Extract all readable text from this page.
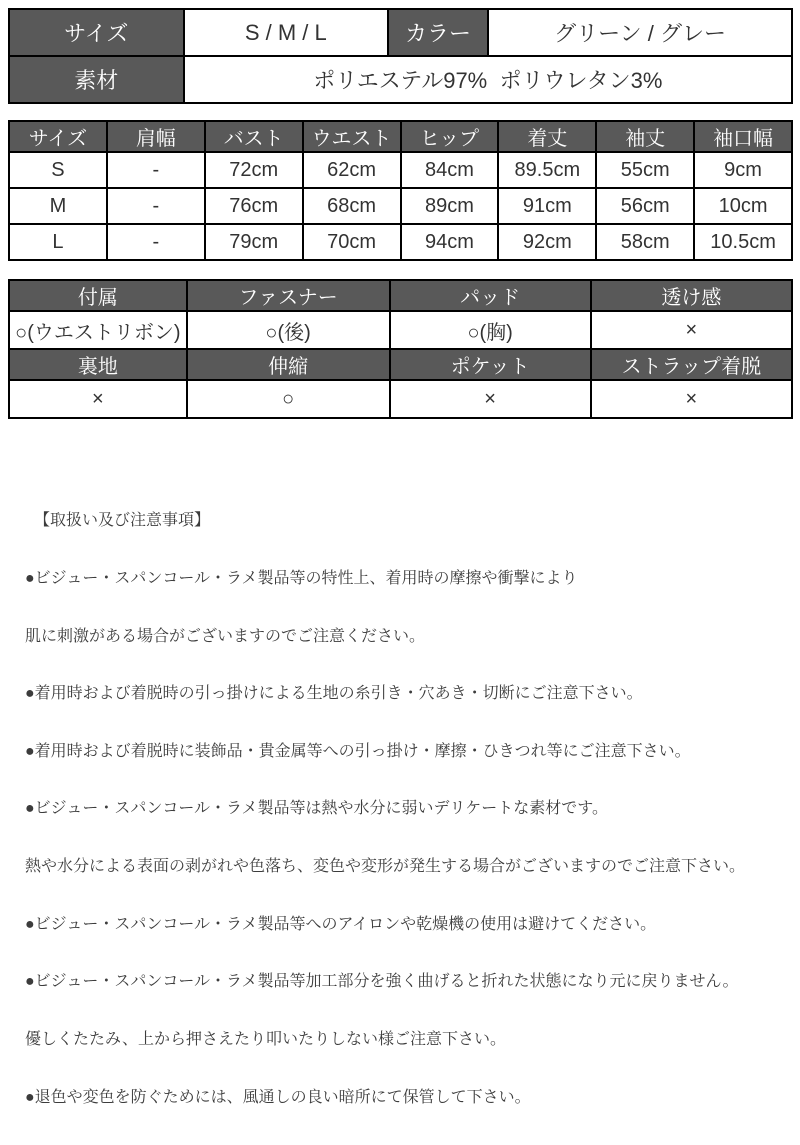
サイズ	S / M / L	カラー	グリーン / グレー
素材	ポリエステル97%  ポリウレタン3%		
サイズ	肩幅	バスト	ウエスト	ヒップ	着丈	袖丈	袖口幅
S	-	72cm	62cm	84cm	89.5cm	55cm	9cm
M	-	76cm	68cm	89cm	91cm	56cm	10cm
L	-	79cm	70cm	94cm	92cm	58cm	10.5cm
付属	ファスナー	パッド	透け感
○(ウエストリボン)	○(後)	○(胸)	×
裏地	伸縮	ポケット	ストラップ着脱
×	○	×	×

【取扱い及び注意事項】

●ビジュー・スパンコール・ラメ製品等の特性上、着用時の摩擦や衝撃により

肌に刺激がある場合がございますのでご注意ください。

●着用時および着脱時の引っ掛けによる生地の糸引き・穴あき・切断にご注意下さい。

●着用時および着脱時に装飾品・貴金属等への引っ掛け・摩擦・ひきつれ等にご注意下さい。

●ビジュー・スパンコール・ラメ製品等は熱や水分に弱いデリケートな素材です。

熱や水分による表面の剥がれや色落ち、変色や変形が発生する場合がございますのでご注意下さい。

●ビジュー・スパンコール・ラメ製品等へのアイロンや乾燥機の使用は避けてください。

●ビジュー・スパンコール・ラメ製品等加工部分を強く曲げると折れた状態になり元に戻りません。

優しくたたみ、上から押さえたり叩いたりしない様ご注意下さい。

●退色や変色を防ぐためには、風通しの良い暗所にて保管して下さい。
